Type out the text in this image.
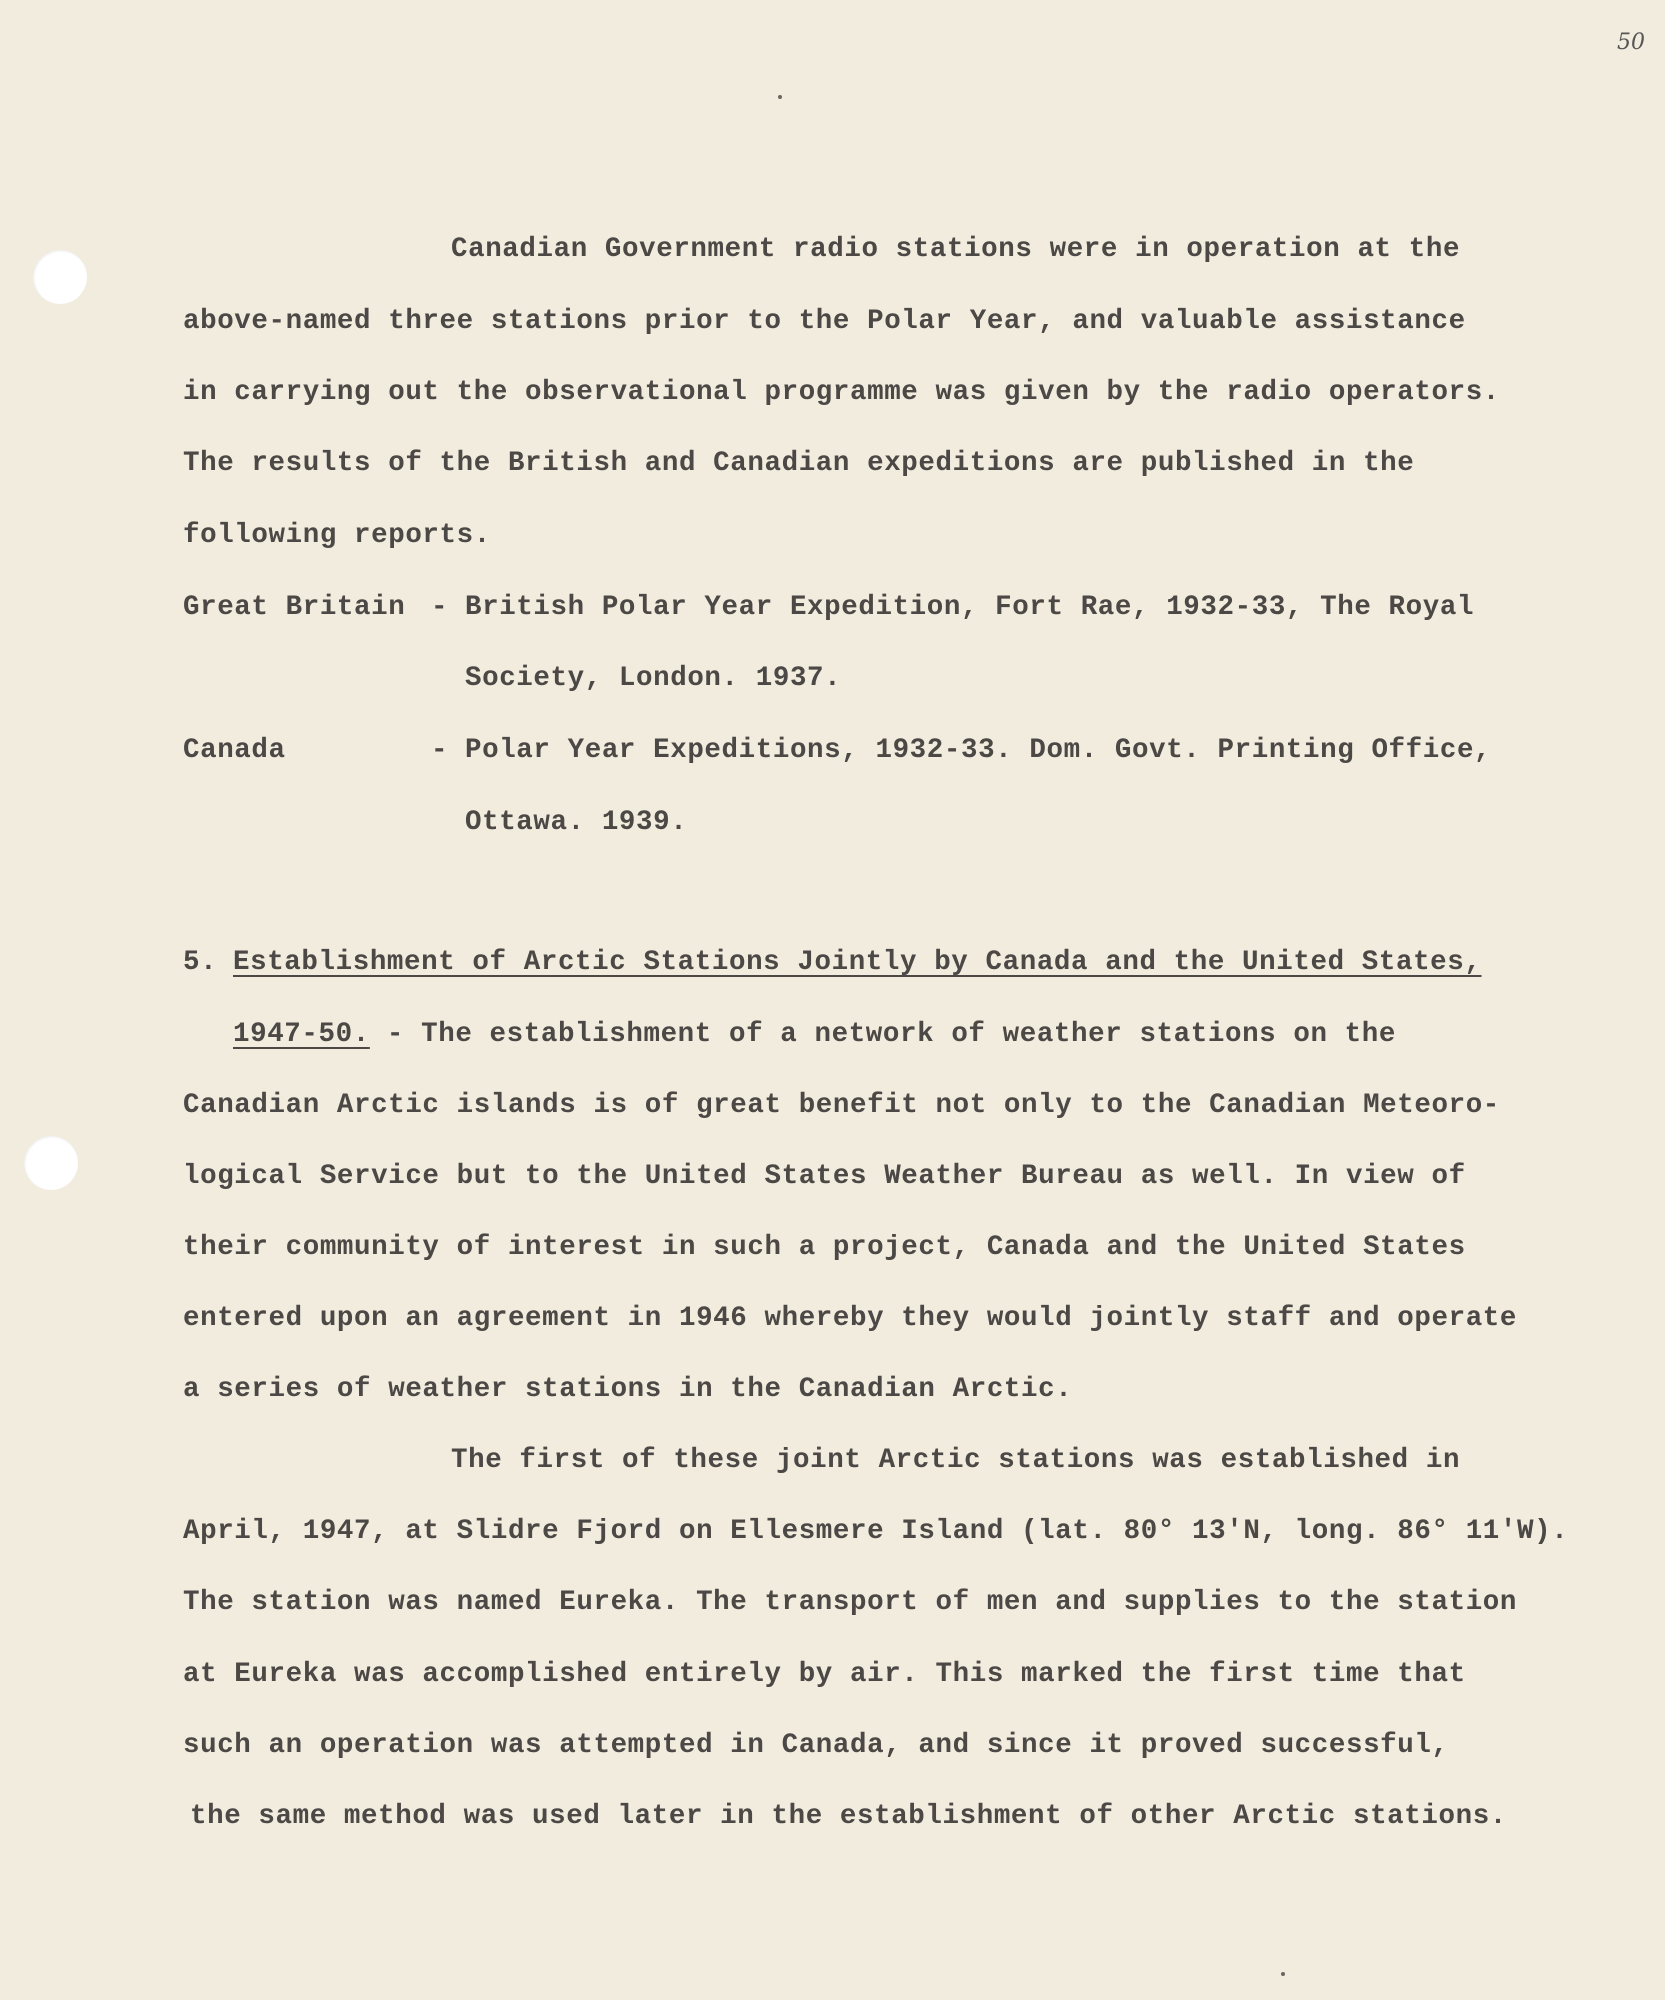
50
Canadian Government radio stations were in operation at the
above-named three stations prior to the Polar Year, and valuable assistance
in carrying out the observational programme was given by the radio operators.
The results of the British and Canadian expeditions are published in the
following reports.
Great Britain - British Polar Year Expedition, Fort Rae, 1932-33, The Royal
Society, London. 1937.
Canada	- Polar Year Expeditions, 1932-33. Dom. Govt. Printing Office,
Ottawa. 1939.
5. Establishment of Arctic Stations Jointly by Canada and the United States,
1947-50. - The establishment of a network of weather stations on the
Canadian Arctic islands is of great benefit not only to the Canadian Meteoro-
logical Service but to the United States Weather Bureau as well. In view of
their community of interest in such a project, Canada and the United States
entered upon an agreement in 1946 whereby they would jointly staff and operate
a series of weather stations in the Canadian Arctic.
The first of these joint Arctic stations was established in
April, 1947, at Slidre Fjord on Ellesmere Island (lat. 80° 13'N, long. 86° 11'W).
The station was named Eureka. The transport of men and supplies to the station
at Eureka was accomplished entirely by air. This marked the first time that
such an operation was attempted in Canada, and since it proved successful,
the same method was used later in the establishment of other Arctic stations.
